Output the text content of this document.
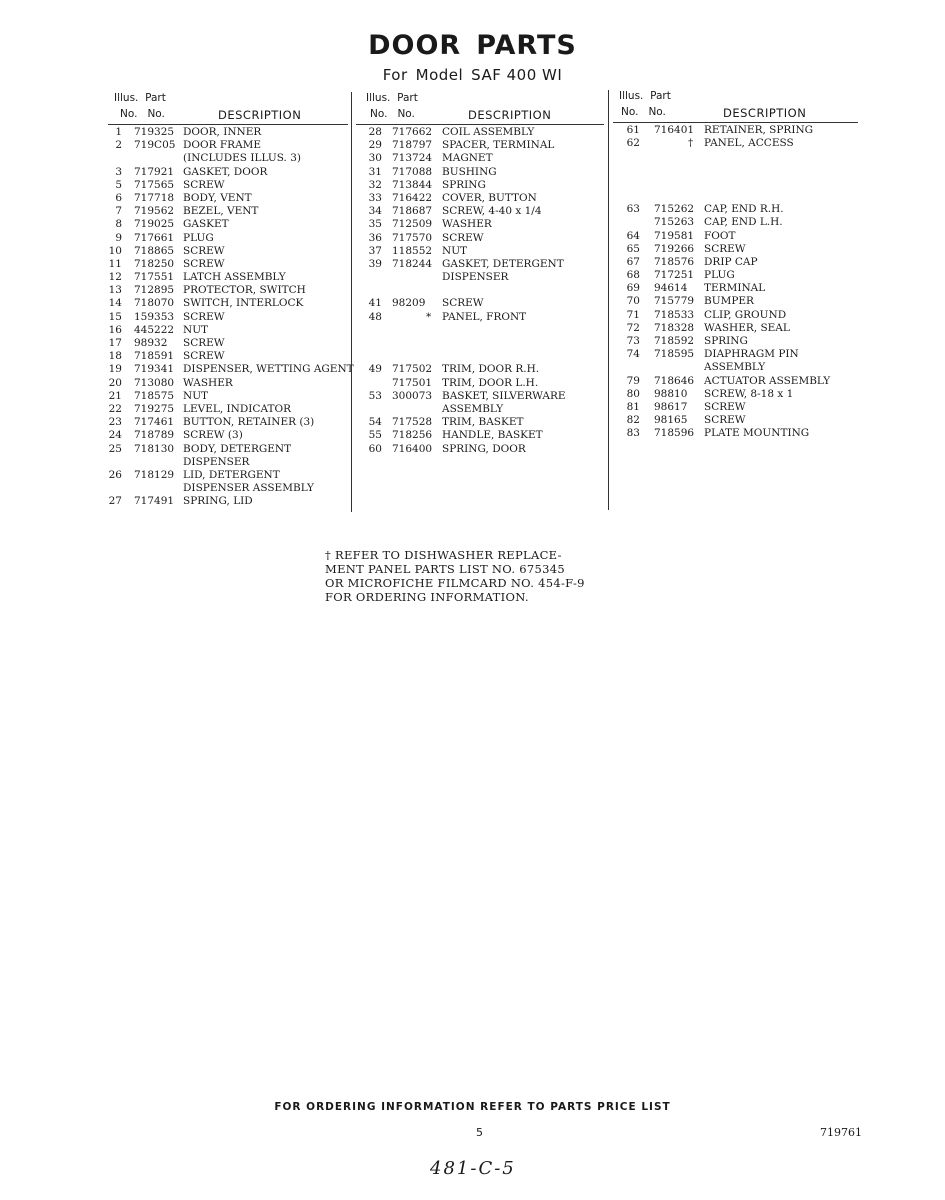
DOOR PARTS
For Model SAF 400 WI
Illus. Part
No. No.	DESCRIPTION
1 719325 DOOR, INNER
2 719C05 DOOR FRAME
(INCLUDES ILLUS. 3)
3 717921 GASKET, DOOR
5 717565 SCREW
6 717718 BODY, VENT
7 719562 BEZEL, VENT
8 719025 GASKET
9 717661 PLUG
10 718865 SCREW
11 718250 SCREW
12 717551 LATCH ASSEMBLY
13 712895 PROTECTOR, SWITCH
14 718070 SWITCH, INTERLOCK
15 159353 SCREW
16 445222 NUT
17 98932 SCREW
18 718591 SCREW
19 719341 DISPENSER, WETTING AGENT
20 713080 WASHER
21 718575 NUT
22 719275 LEVEL, INDICATOR
23 717461 BUTTON, RETAINER (3)
24 718789 SCREW (3)
25 718130 BODY, DETERGENT
DISPENSER
26 718129 LID, DETERGENT
DISPENSER ASSEMBLY
27 717491 SPRING, LID
Illus. Part
No. No.	DESCRIPTION
28 717662 COIL ASSEMBLY
29 718797 SPACER, TERMINAL
30 713724 MAGNET
31 717088 BUSHING
32 713844 SPRING
33 716422 COVER, BUTTON
34 718687 SCREW, 4-40 x 1/4
35 712509 WASHER
36 717570 SCREW
37 118552 NUT
39 718244 GASKET, DETERGENT
DISPENSER
41 98209 SCREW
48	* PANEL, FRONT
49 717502 TRIM, DOOR R.H.
717501 TRIM, DOOR L.H.
53 300073 BASKET, SILVERWARE
ASSEMBLY
54 717528 TRIM, BASKET
55 718256 HANDLE, BASKET
60 716400 SPRING, DOOR
Illus. Part
No. No.	DESCRIPTION
61 716401 RETAINER, SPRING
62	† PANEL, ACCESS
63 715262 CAP, END R.H.
715263 CAP, END L.H.
64 719581 FOOT
65 719266 SCREW
67 718576 DRIP CAP
68 717251 PLUG
69 94614 TERMINAL
70 715779 BUMPER
71 718533 CLIP, GROUND
72 718328 WASHER, SEAL
73 718592 SPRING
74 718595 DIAPHRAGM PIN
ASSEMBLY
79 718646 ACTUATOR ASSEMBLY
80 98810 SCREW, 8-18 x 1
81 98617 SCREW
82 98165 SCREW
83 718596 PLATE MOUNTING
† REFER TO DISHWASHER REPLACE-
MENT PANEL PARTS LIST NO. 675345
OR MICROFICHE FILMCARD NO. 454-F-9
FOR ORDERING INFORMATION.
FOR ORDERING INFORMATION REFER TO PARTS PRICE LIST
5	719761
481-C-5
